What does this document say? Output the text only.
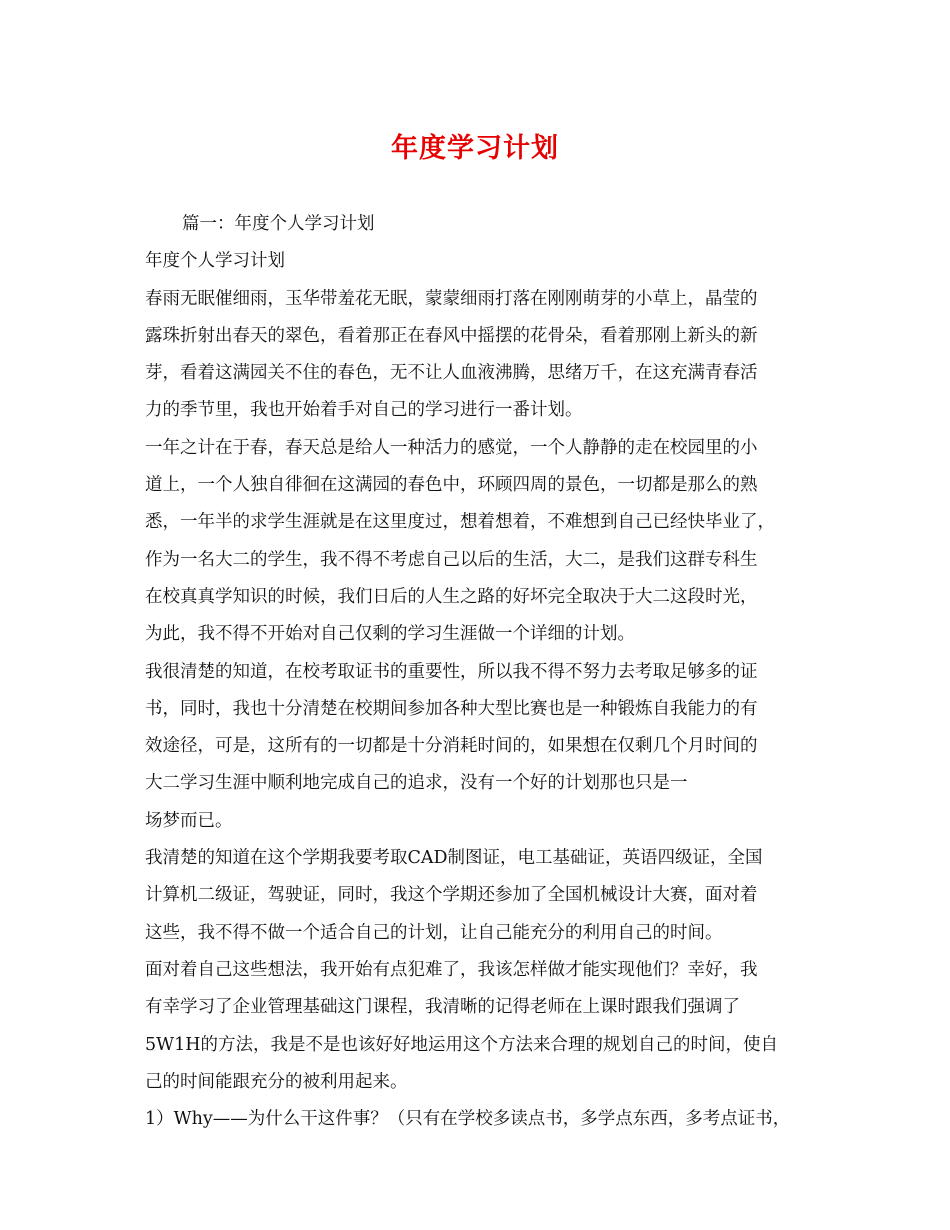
年度学习计划
篇一：年度个人学习计划
年度个人学习计划
春雨无眠催细雨，玉华带羞花无眠，蒙蒙细雨打落在刚刚萌芽的小草上，晶莹的
露珠折射出春天的翠色，看着那正在春风中摇摆的花骨朵，看着那刚上新头的新
芽，看着这满园关不住的春色，无不让人血液沸腾，思绪万千，在这充满青春活
力的季节里，我也开始着手对自己的学习进行一番计划。
一年之计在于春，春天总是给人一种活力的感觉，一个人静静的走在校园里的小
道上，一个人独自徘徊在这满园的春色中，环顾四周的景色，一切都是那么的熟
悉，一年半的求学生涯就是在这里度过，想着想着，不难想到自己已经快毕业了，
作为一名大二的学生，我不得不考虑自己以后的生活，大二，是我们这群专科生
在校真真学知识的时候，我们日后的人生之路的好坏完全取决于大二这段时光，
为此，我不得不开始对自己仅剩的学习生涯做一个详细的计划。
我很清楚的知道，在校考取证书的重要性，所以我不得不努力去考取足够多的证
书，同时，我也十分清楚在校期间参加各种大型比赛也是一种锻炼自我能力的有
效途径，可是，这所有的一切都是十分消耗时间的，如果想在仅剩几个月时间的
大二学习生涯中顺利地完成自己的追求，没有一个好的计划那也只是一
场梦而已。
我清楚的知道在这个学期我要考取CAD制图证，电工基础证，英语四级证，全国
计算机二级证，驾驶证，同时，我这个学期还参加了全国机械设计大赛，面对着
这些，我不得不做一个适合自己的计划，让自己能充分的利用自己的时间。
面对着自己这些想法，我开始有点犯难了，我该怎样做才能实现他们？幸好，我
有幸学习了企业管理基础这门课程，我清晰的记得老师在上课时跟我们强调了
5W1H的方法，我是不是也该好好地运用这个方法来合理的规划自己的时间，使自
己的时间能跟充分的被利用起来。
1）Why——为什么干这件事？（只有在学校多读点书，多学点东西，多考点证书，
